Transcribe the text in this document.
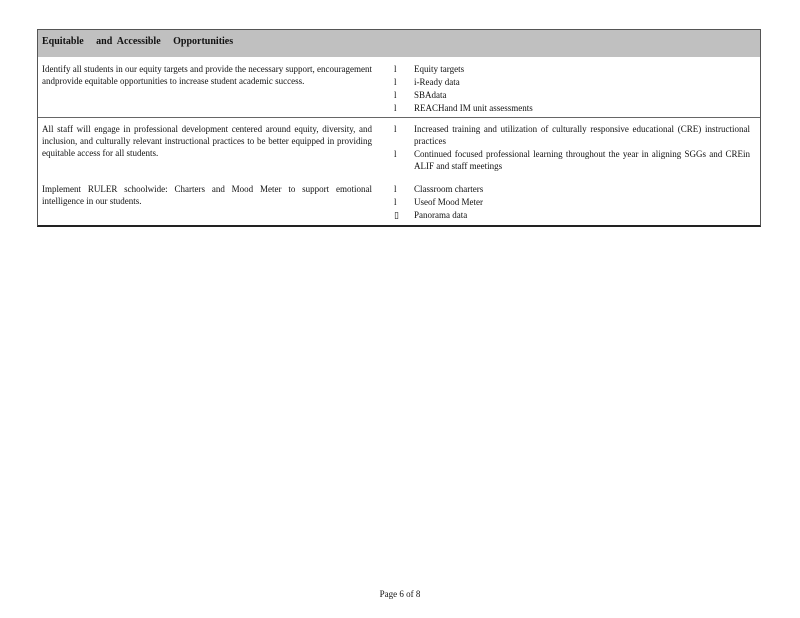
Equitable     and  Accessible     Opportunities
Identify all students in our equity targets and provide the necessary support, encouragement andprovide equitable opportunities to increase student academic success.
l	Equity targets
l	i-Ready data
l	SBAdata
l	REACHand IM unit assessments
All staff will engage in professional development centered around equity, diversity, and inclusion, and culturally relevant instructional practices to be better equipped in providing equitable access for all students.
l	Increased training and utilization of culturally responsive educational (CRE) instructional practices
l	Continued focused professional learning throughout the year in aligning SGGs and CREin ALIF and staff meetings
Implement RULER schoolwide: Charters and Mood Meter to support emotional intelligence in our students.
l	Classroom charters
l	Useof Mood Meter
▯	Panorama data
Page 6 of 8
